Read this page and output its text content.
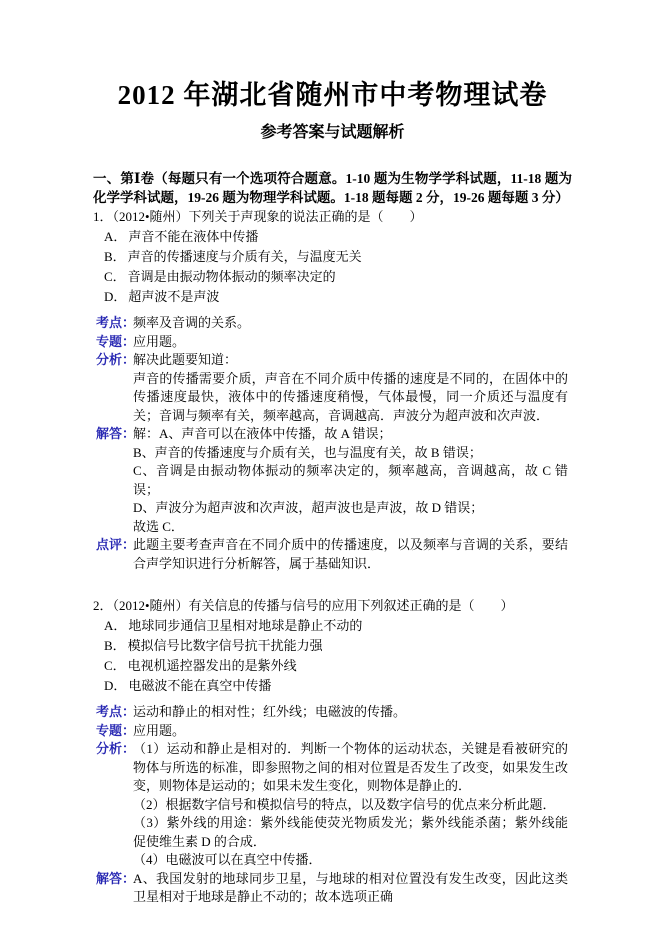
2012 年湖北省随州市中考物理试卷
参考答案与试题解析

一、第Ⅰ卷（每题只有一个选项符合题意。1-10 题为生物学学科试题，11-18 题为化学学科试题，19-26 题为物理学科试题。1-18 题每题 2 分，19-26 题每题 3 分）

1．（2012•随州）下列关于声现象的说法正确的是（　　）

A． 声音不能在液体中传播

B． 声音的传播速度与介质有关，与温度无关

C． 音调是由振动物体振动的频率决定的

D． 超声波不是声波

考点：	频率及音调的关系。

专题：	应用题。

分析：	解决此题要知道：

声音的传播需要介质，声音在不同介质中传播的速度是不同的，在固体中的传播速度最快，液体中的传播速度稍慢，气体最慢，同一介质还与温度有关；音调与频率有关，频率越高，音调越高．声波分为超声波和次声波．

解答：	解：A、声音可以在液体中传播，故 A 错误；

B、声音的传播速度与介质有关，也与温度有关，故 B 错误；

C、音调是由振动物体振动的频率决定的，频率越高，音调越高，故 C 错误；

D、声波分为超声波和次声波，超声波也是声波，故 D 错误；

故选 C．

点评：	此题主要考查声音在不同介质中的传播速度，以及频率与音调的关系，要结合声学知识进行分析解答，属于基础知识．

2．（2012•随州）有关信息的传播与信号的应用下列叙述正确的是（　　）

A． 地球同步通信卫星相对地球是静止不动的

B． 模拟信号比数字信号抗干扰能力强

C． 电视机遥控器发出的是紫外线

D． 电磁波不能在真空中传播

考点：	运动和静止的相对性；红外线；电磁波的传播。

专题：	应用题。

分析：	（1）运动和静止是相对的．判断一个物体的运动状态，关键是看被研究的物体与所选的标准，即参照物之间的相对位置是否发生了改变，如果发生改变，则物体是运动的；如果未发生变化，则物体是静止的．

（2）根据数字信号和模拟信号的特点，以及数字信号的优点来分析此题．

（3）紫外线的用途：紫外线能使荧光物质发光；紫外线能杀菌；紫外线能促使维生素 D 的合成．

（4）电磁波可以在真空中传播．

解答：	A、我国发射的地球同步卫星，与地球的相对位置没有发生改变，因此这类卫星相对于地球是静止不动的；故本选项正确
